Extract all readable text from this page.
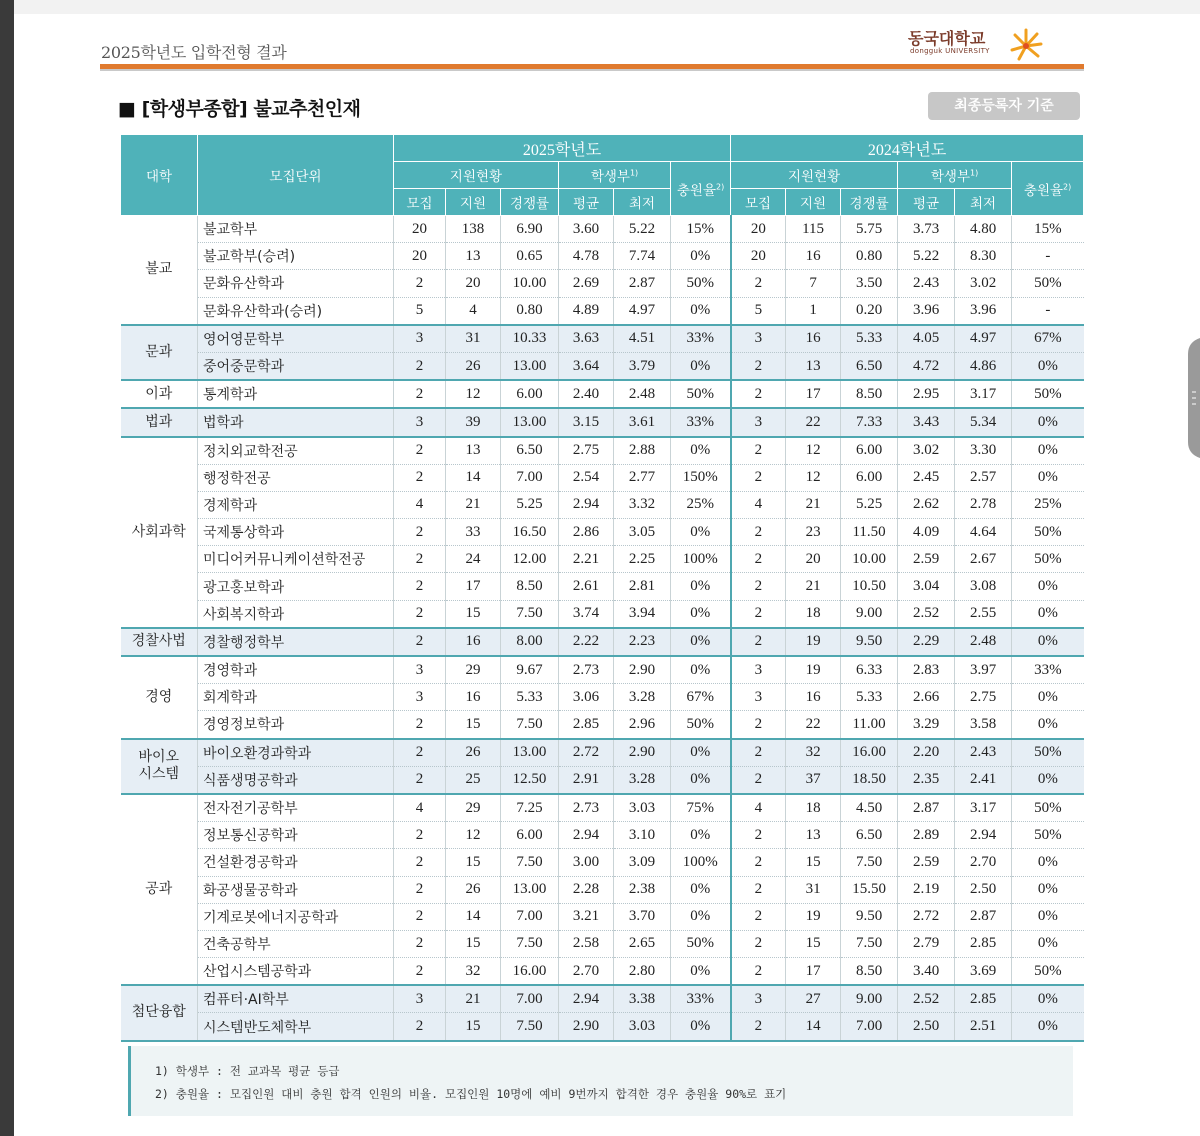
2025학년도 입학전형 결과
동국대학교
dongguk UNIVERSITY
■ [학생부종합] 불교추천인재	최종등록자 기준
대학	모집단위	2025학년도						2024학년도					
		지원현황			학생부$^{1)}$		충원율$^{2)}$	지원현황			학생부$^{1)}$		충원율$^{2)}$
		모집	지원	경쟁률	평균	최저		모집	지원	경쟁률	평균	최저	
불교	불교학부	20	138	6.90	3.60	5.22	15%	20	115	5.75	3.73	4.80	15%
	불교학부(승려)	20	13	0.65	4.78	7.74	0%	20	16	0.80	5.22	8.30	-
	문화유산학과	2	20	10.00	2.69	2.87	50%	2	7	3.50	2.43	3.02	50%
	문화유산학과(승려)	5	4	0.80	4.89	4.97	0%	5	1	0.20	3.96	3.96	-
문과	영어영문학부	3	31	10.33	3.63	4.51	33%	3	16	5.33	4.05	4.97	67%
	중어중문학과	2	26	13.00	3.64	3.79	0%	2	13	6.50	4.72	4.86	0%
이과	통계학과	2	12	6.00	2.40	2.48	50%	2	17	8.50	2.95	3.17	50%
법과	법학과	3	39	13.00	3.15	3.61	33%	3	22	7.33	3.43	5.34	0%
사회과학	정치외교학전공	2	13	6.50	2.75	2.88	0%	2	12	6.00	3.02	3.30	0%
	행정학전공	2	14	7.00	2.54	2.77	150%	2	12	6.00	2.45	2.57	0%
	경제학과	4	21	5.25	2.94	3.32	25%	4	21	5.25	2.62	2.78	25%
	국제통상학과	2	33	16.50	2.86	3.05	0%	2	23	11.50	4.09	4.64	50%
	미디어커뮤니케이션학전공	2	24	12.00	2.21	2.25	100%	2	20	10.00	2.59	2.67	50%
	광고홍보학과	2	17	8.50	2.61	2.81	0%	2	21	10.50	3.04	3.08	0%
	사회복지학과	2	15	7.50	3.74	3.94	0%	2	18	9.00	2.52	2.55	0%
경찰사법	경찰행정학부	2	16	8.00	2.22	2.23	0%	2	19	9.50	2.29	2.48	0%
경영	경영학과	3	29	9.67	2.73	2.90	0%	3	19	6.33	2.83	3.97	33%
	회계학과	3	16	5.33	3.06	3.28	67%	3	16	5.33	2.66	2.75	0%
	경영정보학과	2	15	7.50	2.85	2.96	50%	2	22	11.00	3.29	3.58	0%
바이오
시스템	바이오환경과학과	2	26	13.00	2.72	2.90	0%	2	32	16.00	2.20	2.43	50%
	식품생명공학과	2	25	12.50	2.91	3.28	0%	2	37	18.50	2.35	2.41	0%
공과	전자전기공학부	4	29	7.25	2.73	3.03	75%	4	18	4.50	2.87	3.17	50%
	정보통신공학과	2	12	6.00	2.94	3.10	0%	2	13	6.50	2.89	2.94	50%
	건설환경공학과	2	15	7.50	3.00	3.09	100%	2	15	7.50	2.59	2.70	0%
	화공생물공학과	2	26	13.00	2.28	2.38	0%	2	31	15.50	2.19	2.50	0%
	기계로봇에너지공학과	2	14	7.00	3.21	3.70	0%	2	19	9.50	2.72	2.87	0%
	건축공학부	2	15	7.50	2.58	2.65	50%	2	15	7.50	2.79	2.85	0%
	산업시스템공학과	2	32	16.00	2.70	2.80	0%	2	17	8.50	3.40	3.69	50%
첨단융합	컴퓨터·AI학부	3	21	7.00	2.94	3.38	33%	3	27	9.00	2.52	2.85	0%
	시스템반도체학부	2	15	7.50	2.90	3.03	0%	2	14	7.00	2.50	2.51	0%
1) 학생부 : 전 교과목 평균 등급
2) 충원율 : 모집인원 대비 충원 합격 인원의 비율. 모집인원 10명에 예비 9번까지 합격한 경우 충원율 90%로 표기
